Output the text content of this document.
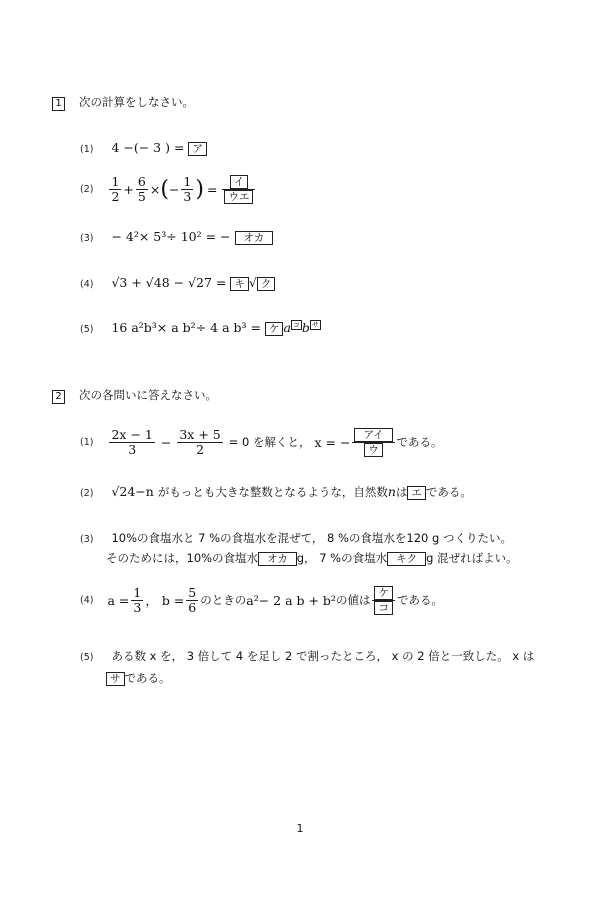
1 次の計算をしなさい。
(1) 4 −(− 3 ) = ア
$(2) \frac{1}{2} + \frac{6}{5}$ × ( − $\frac{1}{3}$ ) = $\frac{\text{イ}}{\text{ウエ}}$
(3) − 4²× 5³÷ 10² = − オカ
(4) √3 + √48 − √27 = キ √ ク
(5) 16 a²b³× a b²÷ 4 a b³ = ケ a コ b サ
2 次の各問いに答えなさい。
$(1) \frac{2x - 1}{3} - \frac{3x + 5}{2} = 0$ を解くと， x = − $\frac{\text{アイ}}{\text{ウ}}$ である。
(2) √24−n がもっとも大きな整数となるような，自然数nは エ である。
(3) 10%の食塩水と 7 %の食塩水を混ぜて， 8 %の食塩水を120 g つくりたい。
そのためには，10%の食塩水 オカ g， 7 %の食塩水 キク g 混ぜればよい。
(4) $a = \frac{1}{3}$ ， $b = \frac{5}{6}$ のときの a²− 2 a b + b² の値は $\frac{\text{ケ}}{\text{コ}}$ である。
(5) ある数 x を， 3 倍して 4 を足し 2 で割ったところ， x の 2 倍と一致した。 x は
サ である。
1
